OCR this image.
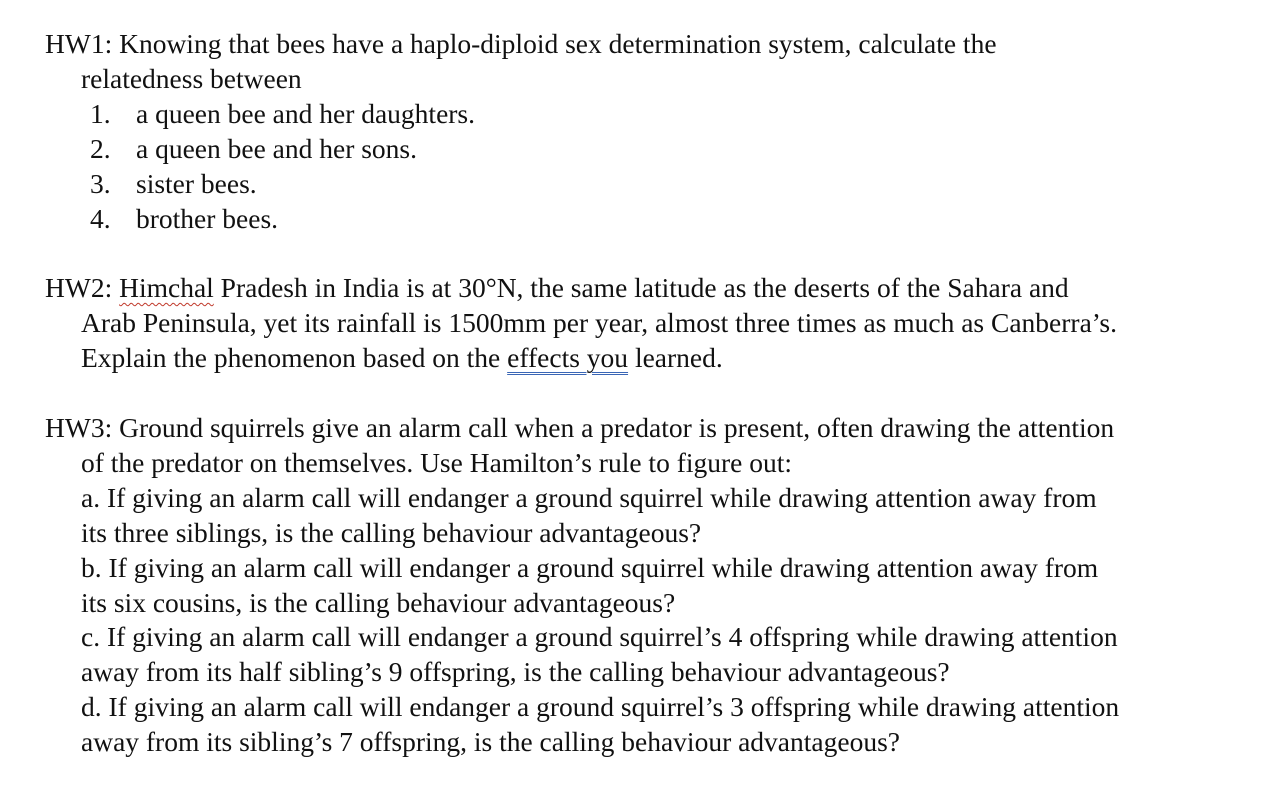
HW1: Knowing that bees have a haplo-diploid sex determination system, calculate the
relatedness between
1. a queen bee and her daughters.
2. a queen bee and her sons.
3. sister bees.
4. brother bees.
HW2: Himchal Pradesh in India is at 30°N, the same latitude as the deserts of the Sahara and
Arab Peninsula, yet its rainfall is 1500mm per year, almost three times as much as Canberra’s.
Explain the phenomenon based on the effects you learned.
HW3: Ground squirrels give an alarm call when a predator is present, often drawing the attention
of the predator on themselves. Use Hamilton’s rule to figure out:
a. If giving an alarm call will endanger a ground squirrel while drawing attention away from
its three siblings, is the calling behaviour advantageous?
b. If giving an alarm call will endanger a ground squirrel while drawing attention away from
its six cousins, is the calling behaviour advantageous?
c. If giving an alarm call will endanger a ground squirrel’s 4 offspring while drawing attention
away from its half sibling’s 9 offspring, is the calling behaviour advantageous?
d. If giving an alarm call will endanger a ground squirrel’s 3 offspring while drawing attention
away from its sibling’s 7 offspring, is the calling behaviour advantageous?
